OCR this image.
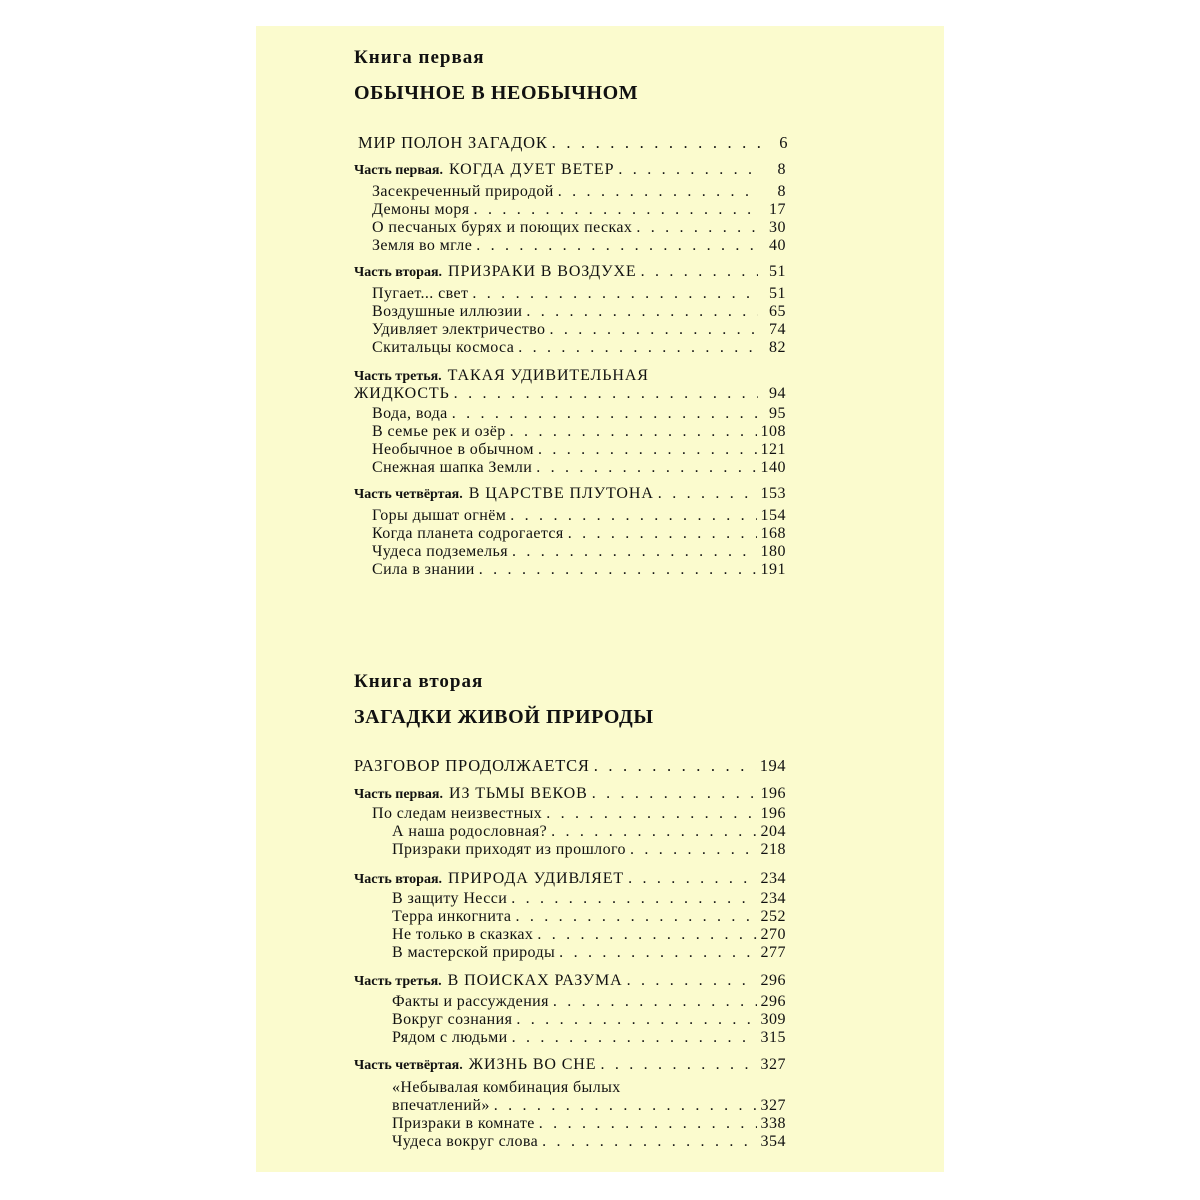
Книга первая
ОБЫЧНОЕ В НЕОБЫЧНОМ
МИР ПОЛОН ЗАГАДОК . . .	6
Часть первая. КОГДА ДУЕТ ВЕТЕР . . .	8
Засекреченный природой . . .	8
Демоны моря . . .	17
О песчаных бурях и поющих песках . . .	30
Земля во мгле . . .	40
Часть вторая. ПРИЗРАКИ В ВОЗДУХЕ . . .	51
Пугает... свет . . .	51
Воздушные иллюзии . . .	65
Удивляет электричество . . .	74
Скитальцы космоса . . .	82
Часть третья. ТАКАЯ УДИВИТЕЛЬНАЯ
ЖИДКОСТЬ . . .	94
Вода, вода . . .	95
В семье рек и озёр . . .	108
Необычное в обычном . . .	121
Снежная шапка Земли . . .	140
Часть четвёртая. В ЦАРСТВЕ ПЛУТОНА . . .	153
Горы дышат огнём . . .	154
Когда планета содрогается . . .	168
Чудеса подземелья . . .	180
Сила в знании . . .	191
Книга вторая
ЗАГАДКИ ЖИВОЙ ПРИРОДЫ
РАЗГОВОР ПРОДОЛЖАЕТСЯ . . .	194
Часть первая. ИЗ ТЬМЫ ВЕКОВ . . .	196
По следам неизвестных . . .	196
А наша родословная? . . .	204
Призраки приходят из прошлого . . .	218
Часть вторая. ПРИРОДА УДИВЛЯЕТ . . .	234
В защиту Несси . . .	234
Терра инкогнита . . .	252
Не только в сказках . . .	270
В мастерской природы . . .	277
Часть третья. В ПОИСКАХ РАЗУМА . . .	296
Факты и рассуждения . . .	296
Вокруг сознания . . .	309
Рядом с людьми . . .	315
Часть четвёртая. ЖИЗНЬ ВО СНЕ . . .	327
«Небывалая комбинация былых
впечатлений» . . .	327
Призраки в комнате . . .	338
Чудеса вокруг слова . . .	354
